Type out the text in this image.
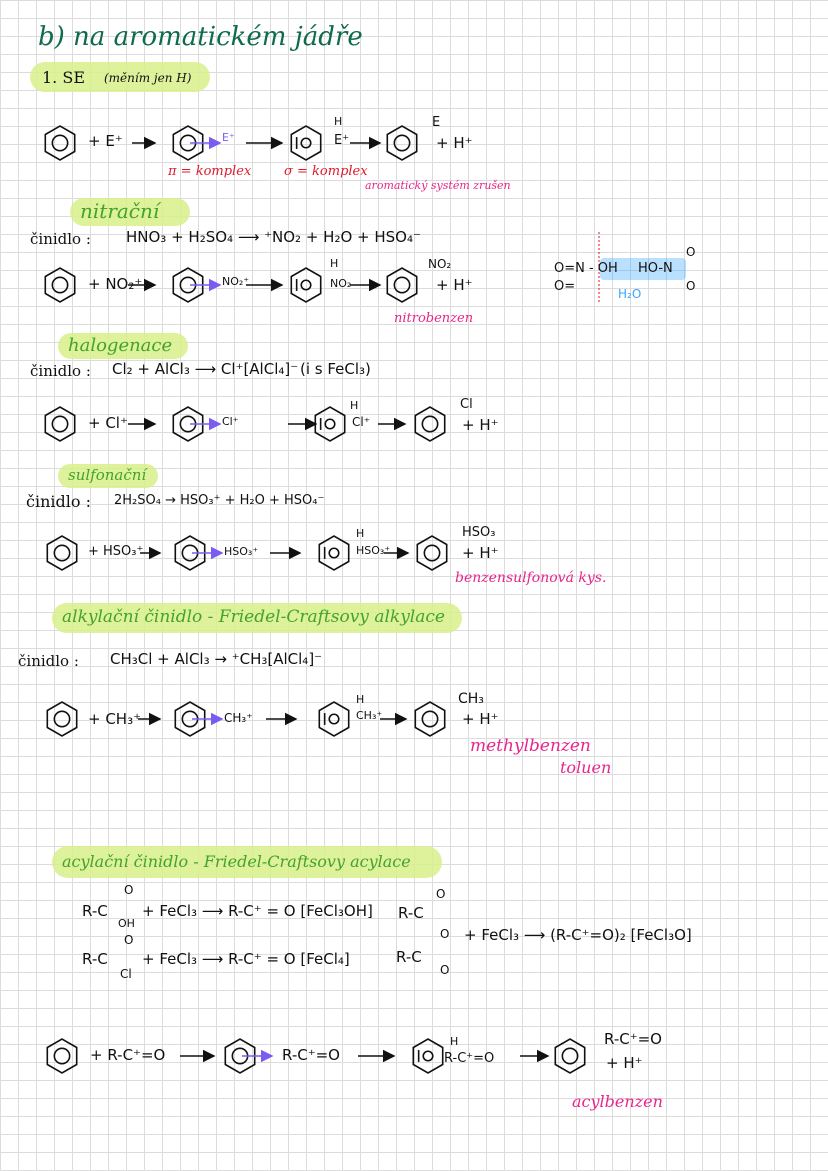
b) na aromatickém jádře
1. SE (měním jen H)
+ E⁺	E⁺
H
E⁺
E
+ H⁺
π = komplex	σ = komplex
aromatický systém zrušen
nitrační
činidlo : HNO₃ + H₂SO₄ ⟶ ⁺NO₂ + H₂O + HSO₄⁻
+ NO₂⁺	NO₂⁺
H
NO₂
NO₂
+ H⁺
nitrobenzen
O=N - OH
O=
HO-N
O
O
H₂O
halogenace
činidlo : Cl₂ + AlCl₃ ⟶ Cl⁺[AlCl₄]⁻ (i s FeCl₃)
+ Cl⁺	Cl⁺
H
Cl⁺
Cl
+ H⁺
sulfonační
činidlo : 2H₂SO₄ → HSO₃⁺ + H₂O + HSO₄⁻
+ HSO₃⁺	HSO₃⁺
H
HSO₃⁺
HSO₃
+ H⁺
benzensulfonová kys.
alkylační činidlo - Friedel-Craftsovy alkylace
činidlo : CH₃Cl + AlCl₃ → ⁺CH₃[AlCl₄]⁻
+ CH₃⁺	CH₃⁺
H
CH₃⁺
CH₃
+ H⁺
methylbenzen
toluen
acylační činidlo - Friedel-Craftsovy acylace
R-C
O
OH
+ FeCl₃ ⟶ R-C⁺ = O [FeCl₃OH]
R-C
O
Cl
+ FeCl₃ ⟶ R-C⁺ = O [FeCl₄]
R-C
R-C
O
O
O
+ FeCl₃ ⟶ (R-C⁺=O)₂ [FeCl₃O]
+ R-C⁺=O	R-C⁺=O
H
R-C⁺=O
R-C⁺=O
+ H⁺
acylbenzen
